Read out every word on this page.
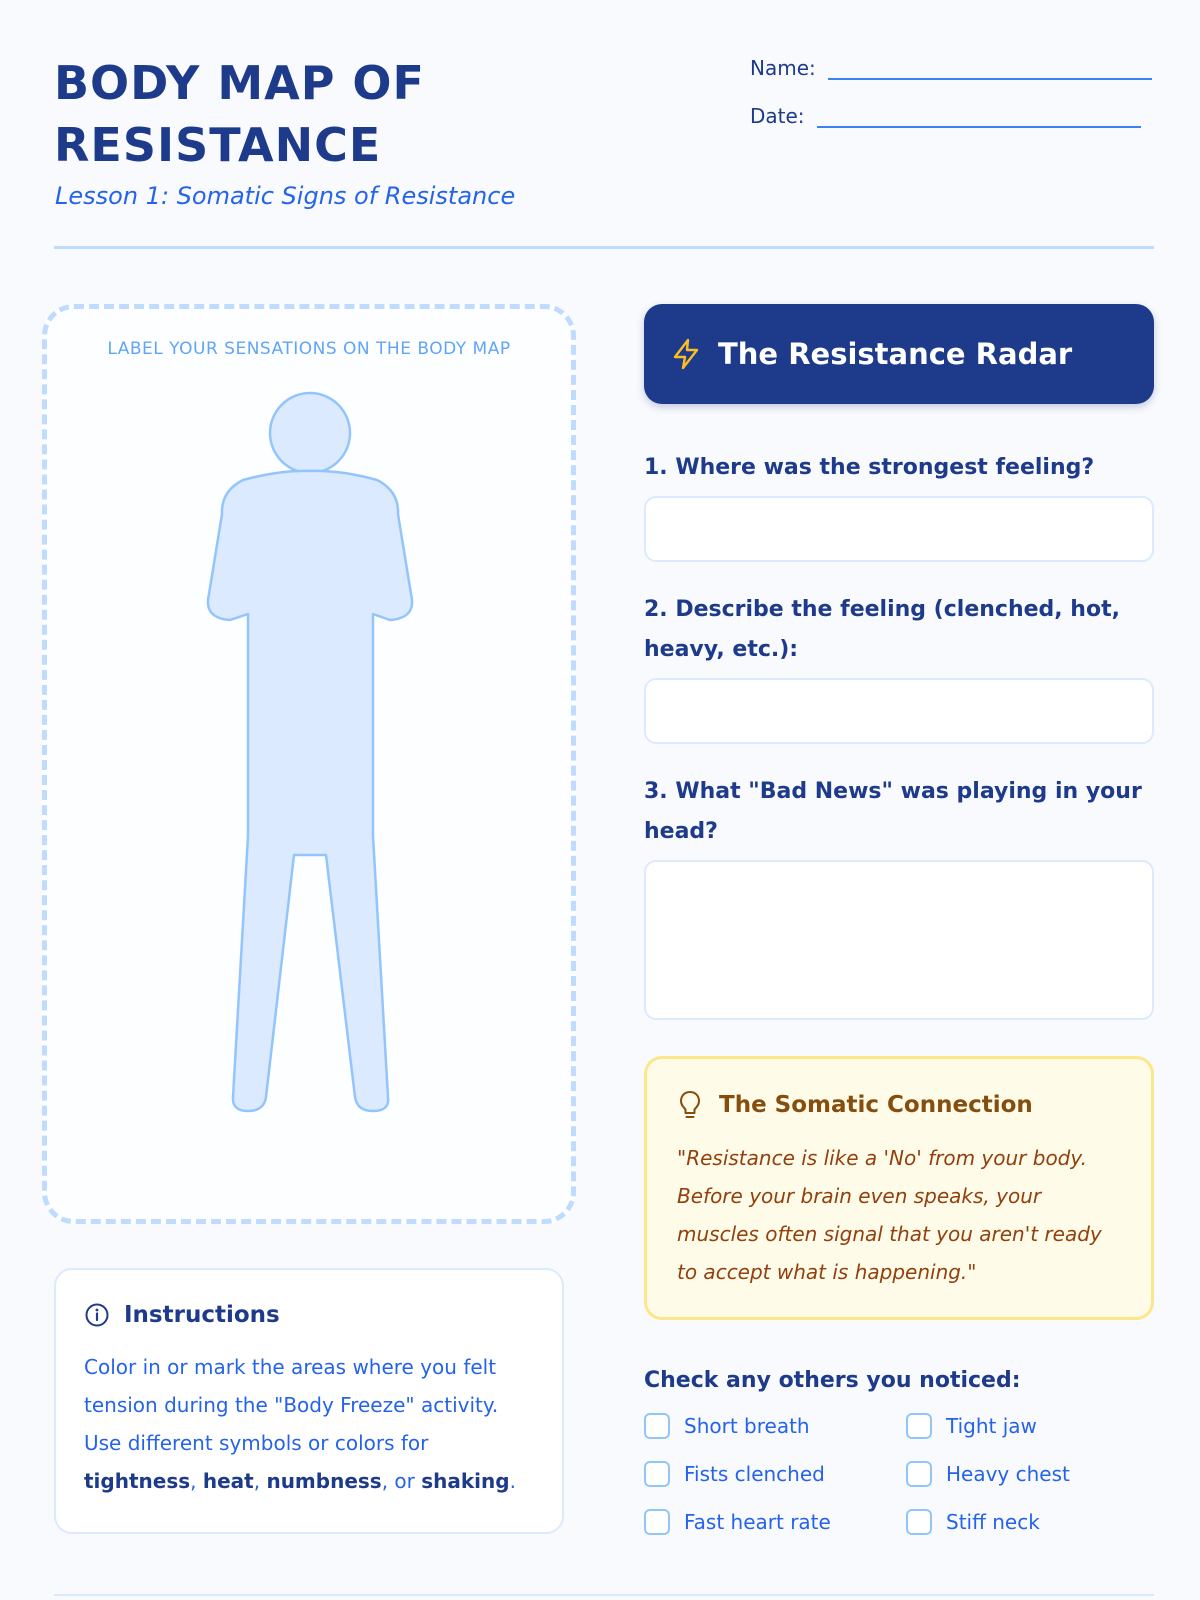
BODY MAP OF RESISTANCE
Lesson 1: Somatic Signs of Resistance
Name:
Date:
LABEL YOUR SENSATIONS ON THE BODY MAP
Instructions

Color in or mark the areas where you felt tension during the "Body Freeze" activity. Use different symbols or colors for tightness, heat, numbness, or shaking.

The Resistance Radar
1. Where was the strongest feeling?
2. Describe the feeling (clenched, hot, heavy, etc.):
3. What "Bad News" was playing in your head?
The Somatic Connection

"Resistance is like a 'No' from your body. Before your brain even speaks, your muscles often signal that you aren't ready to accept what is happening."

Check any others you noticed:
Short breath	Tight jaw
Fists clenched	Heavy chest
Fast heart rate	Stiff neck
